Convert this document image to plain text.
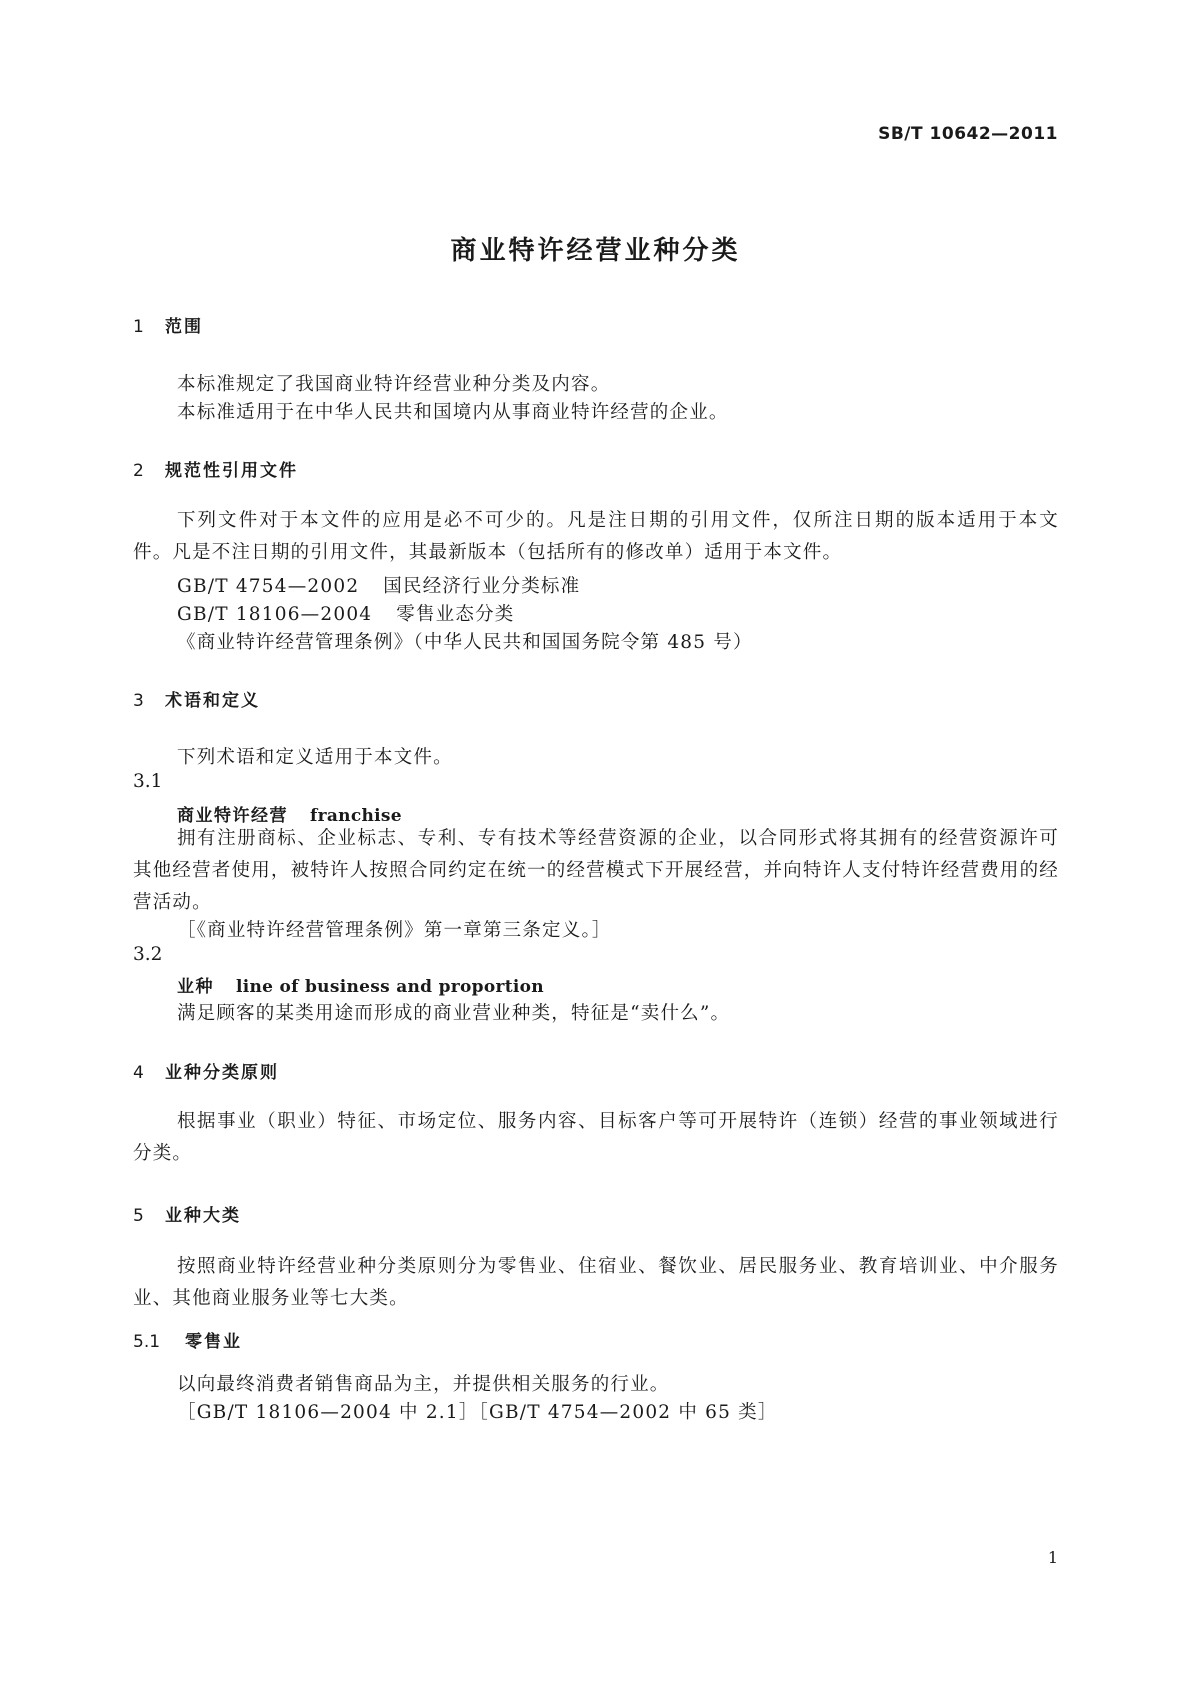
SB/T 10642—2011
商业特许经营业种分类
1 范围
本标准规定了我国商业特许经营业种分类及内容。
本标准适用于在中华人民共和国境内从事商业特许经营的企业。
2 规范性引用文件

下列文件对于本文件的应用是必不可少的。凡是注日期的引用文件，仅所注日期的版本适用于本文件。凡是不注日期的引用文件，其最新版本（包括所有的修改单）适用于本文件。

GB/T 4754—2002 国民经济行业分类标准
GB/T 18106—2004 零售业态分类
《商业特许经营管理条例》（中华人民共和国国务院令第 485 号）
3 术语和定义
下列术语和定义适用于本文件。
3.1
商业特许经营 franchise

拥有注册商标、企业标志、专利、专有技术等经营资源的企业，以合同形式将其拥有的经营资源许可其他经营者使用，被特许人按照合同约定在统一的经营模式下开展经营，并向特许人支付特许经营费用的经营活动。

［《商业特许经营管理条例》第一章第三条定义。］
3.2
业种 line of business and proportion
满足顾客的某类用途而形成的商业营业种类，特征是“卖什么”。
4 业种分类原则

根据事业（职业）特征、市场定位、服务内容、目标客户等可开展特许（连锁）经营的事业领域进行分类。

5 业种大类

按照商业特许经营业种分类原则分为零售业、住宿业、餐饮业、居民服务业、教育培训业、中介服务业、其他商业服务业等七大类。

5.1 零售业
以向最终消费者销售商品为主，并提供相关服务的行业。
［GB/T 18106—2004 中 2.1］［GB/T 4754—2002 中 65 类］
1
